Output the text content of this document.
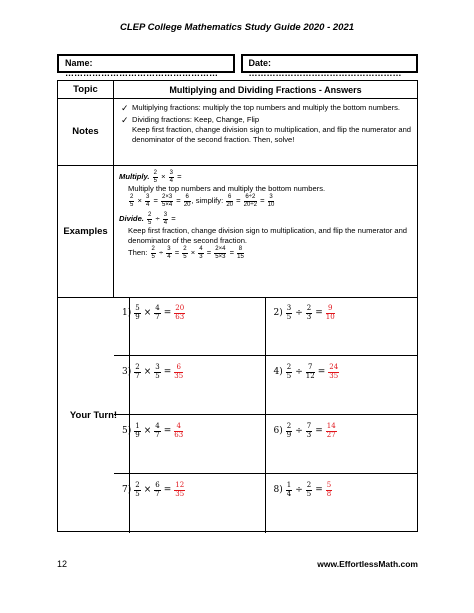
CLEP College Mathematics Study Guide 2020 - 2021
Name: ……………………………………………
Date: ……………………………………………
Topic	Multiplying and Dividing Fractions - Answers
Notes
✓ Multiplying fractions: multiply the top numbers and multiply the bottom numbers.
✓ Dividing fractions: Keep, Change, Flip
Keep first fraction, change division sign to multiplication, and flip the numerator and denominator of the second fraction. Then, solve!
Examples
Multiply. $\frac{2}{5} \times \frac{3}{4}$ =
Multiply the top numbers and multiply the bottom numbers.
$\frac{2}{5} \times \frac{3}{4} = \frac{2\times 3}{5\times 4} = \frac{6}{20}$ , simplify: $\frac{6}{20} = \frac{6\div 2}{20\div 2} = \frac{3}{10}$
Divide. $\frac{2}{5} \div \frac{3}{4}$ =
Keep first fraction, change division sign to multiplication, and flip the numerator and denominator of the second fraction.
Then: $\frac{2}{5} \div \frac{3}{4} = \frac{2}{5} \times \frac{4}{3} = \frac{2\times 4}{5\times 3} = \frac{8}{15}$
Your Turn!
$1) \frac{5}{9} \times \frac{4}{7} = \frac{20}{63}$	$2) \frac{3}{5} \div \frac{2}{3} = \frac{9}{10}$
$3) \frac{2}{7} \times \frac{3}{5} = \frac{6}{35}$	$4) \frac{2}{5} \div \frac{7}{12} = \frac{24}{35}$
$5) \frac{1}{9} \times \frac{4}{7} = \frac{4}{63}$	$6) \frac{2}{9} \div \frac{7}{3} = \frac{14}{27}$
$7) \frac{2}{5} \times \frac{6}{7} = \frac{12}{35}$	$8) \frac{1}{4} \div \frac{2}{5} = \frac{5}{8}$
12	www.EffortlessMath.com
